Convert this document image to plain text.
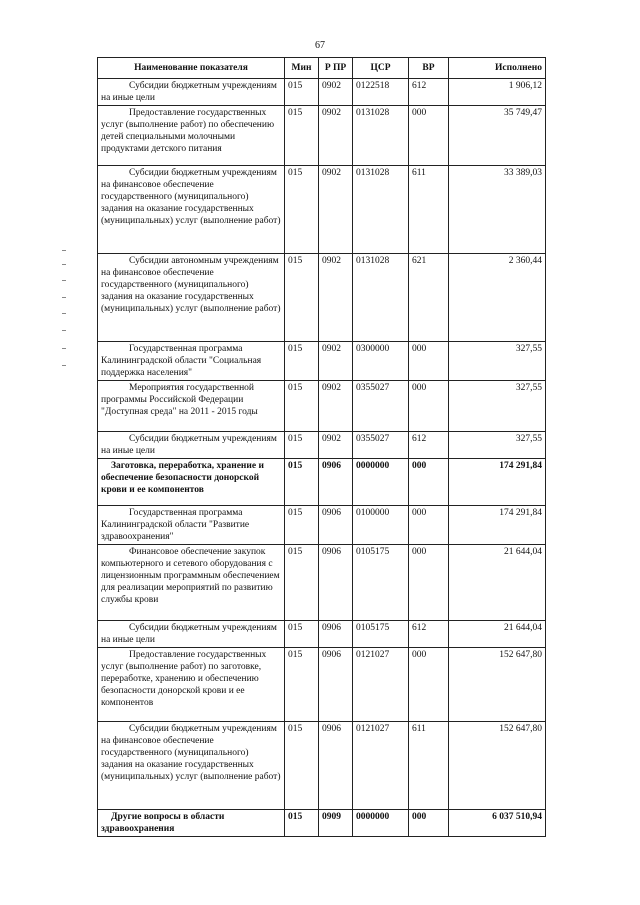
67
Наименование показателя	Мин	Р ПР	ЦСР	ВР	Исполнено
Субсидии бюджетным учреждениям на иные цели	015	0902	0122518	612	1 906,12
Предоставление государственных услуг (выполнение работ) по обеспечению детей специальными молочными продуктами детского питания	015	0902	0131028	000	35 749,47
Субсидии бюджетным учреждениям на финансовое обеспечение государственного (муниципального) задания на оказание государственных (муниципальных) услуг (выполнение работ)	015	0902	0131028	611	33 389,03
Субсидии автономным учреждениям на финансовое обеспечение государственного (муниципального) задания на оказание государственных (муниципальных) услуг (выполнение работ)	015	0902	0131028	621	2 360,44
Государственная программа Калининградской области "Социальная поддержка населения"	015	0902	0300000	000	327,55
Мероприятия государственной программы Российской Федерации "Доступная среда" на 2011 - 2015 годы	015	0902	0355027	000	327,55
Субсидии бюджетным учреждениям на иные цели	015	0902	0355027	612	327,55
Заготовка, переработка, хранение и обеспечение безопасности донорской крови и ее компонентов	015	0906	0000000	000	174 291,84
Государственная программа Калининградской области "Развитие здравоохранения"	015	0906	0100000	000	174 291,84
Финансовое обеспечение закупок компьютерного и сетевого оборудования с лицензионным программным обеспечением для реализации мероприятий по развитию службы крови	015	0906	0105175	000	21 644,04
Субсидии бюджетным учреждениям на иные цели	015	0906	0105175	612	21 644,04
Предоставление государственных услуг (выполнение работ) по заготовке, переработке, хранению и обеспечению безопасности донорской крови и ее компонентов	015	0906	0121027	000	152 647,80
Субсидии бюджетным учреждениям на финансовое обеспечение государственного (муниципального) задания на оказание государственных (муниципальных) услуг (выполнение работ)	015	0906	0121027	611	152 647,80
Другие вопросы в области здравоохранения	015	0909	0000000	000	6 037 510,94
